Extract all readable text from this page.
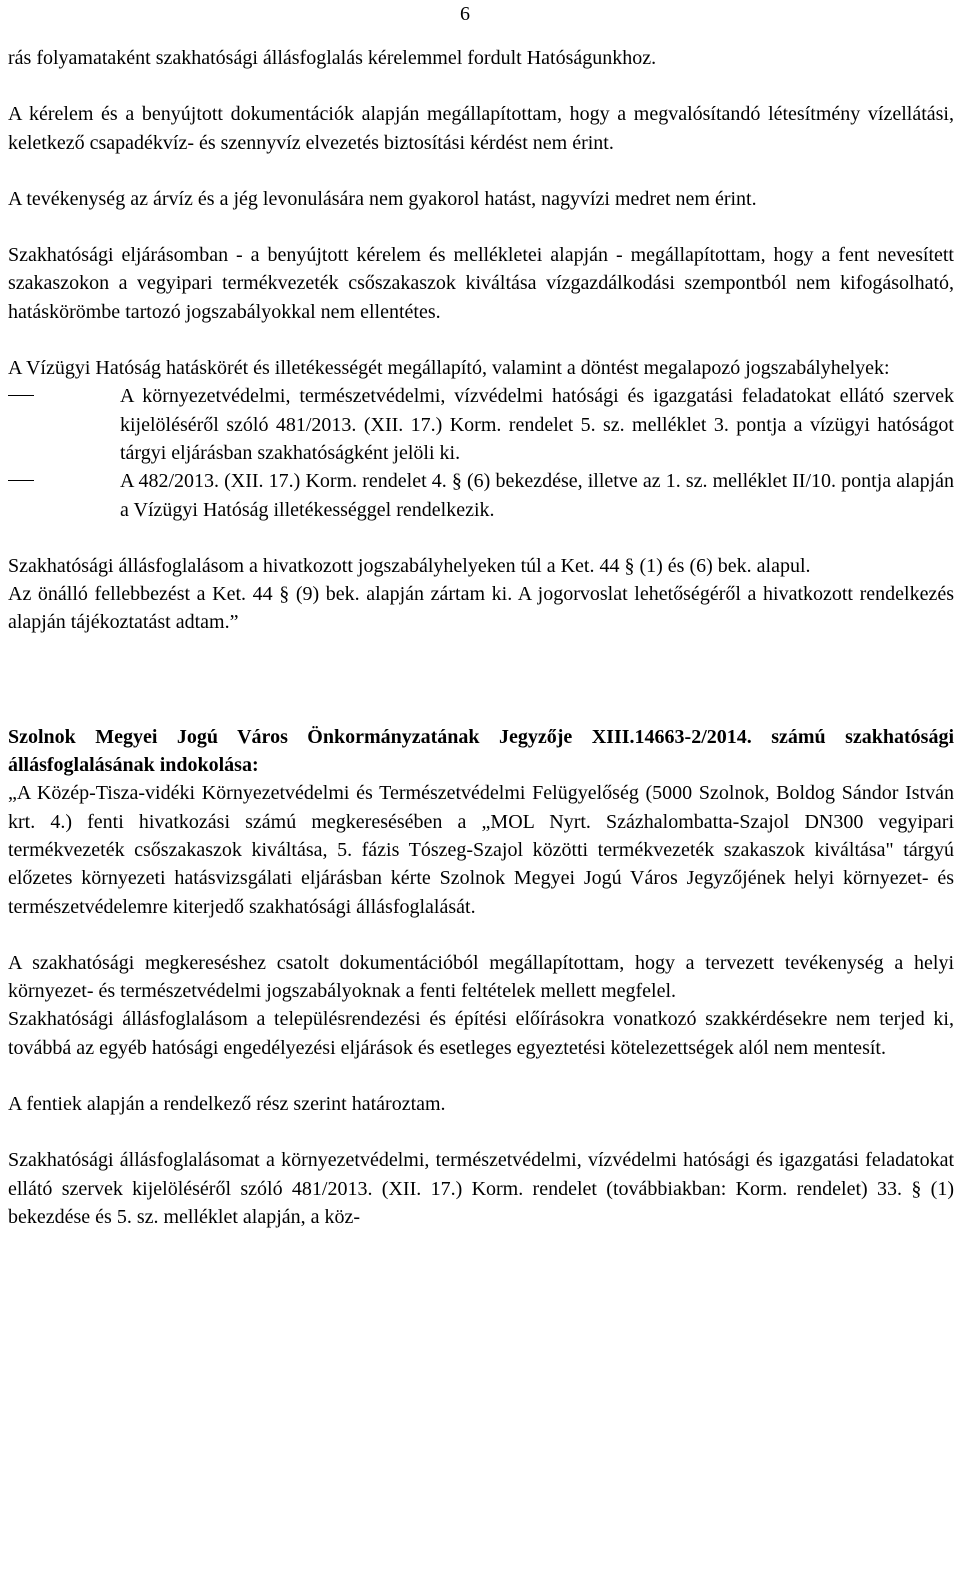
6

rás folyamataként szakhatósági állásfoglalás kérelemmel fordult Hatóságunkhoz.

A kérelem és a benyújtott dokumentációk alapján megállapítottam, hogy a megvalósítandó létesítmény vízellátási, keletkező csapadékvíz- és szennyvíz elvezetés biztosítási kérdést nem érint.

A tevékenység az árvíz és a jég levonulására nem gyakorol hatást, nagyvízi medret nem érint.

Szakhatósági eljárásomban - a benyújtott kérelem és mellékletei alapján - megállapítottam, hogy a fent nevesített szakaszokon a vegyipari termékvezeték csőszakaszok kiváltása vízgazdálkodási szempontból nem kifogásolható, hatáskörömbe tartozó jogszabályokkal nem ellentétes.

A Vízügyi Hatóság hatáskörét és illetékességét megállapító, valamint a döntést megalapozó jogszabályhelyek:

A környezetvédelmi, természetvédelmi, vízvédelmi hatósági és igazgatási feladatokat ellátó szervek kijelöléséről szóló 481/2013. (XII. 17.) Korm. rendelet 5. sz. melléklet 3. pontja a vízügyi hatóságot tárgyi eljárásban szakhatóságként jelöli ki.
A 482/2013. (XII. 17.) Korm. rendelet 4. § (6) bekezdése, illetve az 1. sz. melléklet II/10. pontja alapján a Vízügyi Hatóság illetékességgel rendelkezik.

Szakhatósági állásfoglalásom a hivatkozott jogszabályhelyeken túl a Ket. 44 § (1) és (6) bek. alapul.

Az önálló fellebbezést a Ket. 44 § (9) bek. alapján zártam ki. A jogorvoslat lehetőségéről a hivatkozott rendelkezés alapján tájékoztatást adtam.”

Szolnok Megyei Jogú Város Önkormányzatának Jegyzője XIII.14663-2/2014. számú szakhatósági állásfoglalásának indokolása:

„A Közép-Tisza-vidéki Környezetvédelmi és Természetvédelmi Felügyelőség (5000 Szolnok, Boldog Sándor István krt. 4.) fenti hivatkozási számú megkeresésében a „MOL Nyrt. Százhalombatta-Szajol DN300 vegyipari termékvezeték csőszakaszok kiváltása, 5. fázis Tószeg-Szajol közötti termékvezeték szakaszok kiváltása" tárgyú előzetes környezeti hatásvizsgálati eljárásban kérte Szolnok Megyei Jogú Város Jegyzőjének helyi környezet- és természetvédelemre kiterjedő szakhatósági állásfoglalását.

A szakhatósági megkereséshez csatolt dokumentációból megállapítottam, hogy a tervezett tevékenység a helyi környezet- és természetvédelmi jogszabályoknak a fenti feltételek mellett megfelel.

Szakhatósági állásfoglalásom a településrendezési és építési előírásokra vonatkozó szakkérdésekre nem terjed ki, továbbá az egyéb hatósági engedélyezési eljárások és esetleges egyeztetési kötelezettségek alól nem mentesít.

A fentiek alapján a rendelkező rész szerint határoztam.

Szakhatósági állásfoglalásomat a környezetvédelmi, természetvédelmi, vízvédelmi hatósági és igazgatási feladatokat ellátó szervek kijelöléséről szóló 481/2013. (XII. 17.) Korm. rendelet (továbbiakban: Korm. rendelet) 33. § (1) bekezdése és 5. sz. melléklet alapján, a köz-
